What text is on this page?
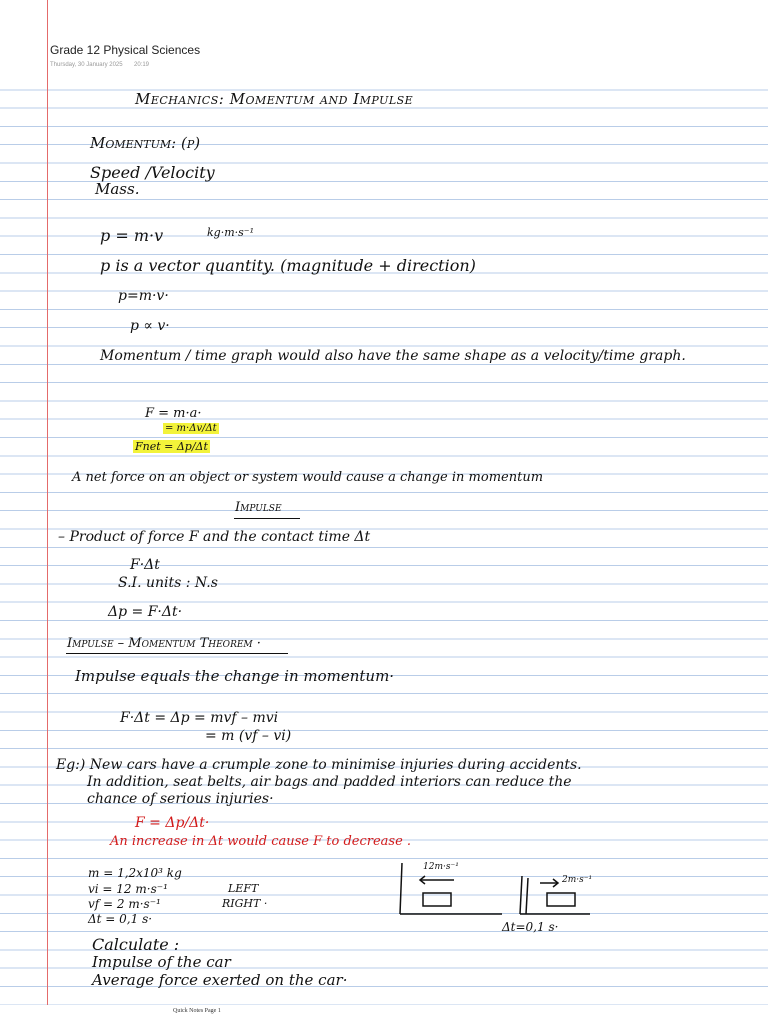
Grade 12 Physical Sciences
Thursday, 30 January 2025 20:19
Mechanics: Momentum and Impulse
Momentum: (p)
Speed /Velocity
Mass.
p = m·v	kg·m·s⁻¹
p is a vector quantity. (magnitude + direction)
p=m·v·
p ∝ v·
Momentum / time graph would also have the same shape as a velocity/time graph.
F = m·a·
= m·Δv/Δt
Fnet = Δp/Δt
A net force on an object or system would cause a change in momentum
Impulse
– Product of force F and the contact time Δt
F·Δt
S.I. units : N.s
Δp = F·Δt·
Impulse – Momentum Theorem ·
Impulse equals the change in momentum·
F·Δt = Δp = mvf – mvi
= m (vf – vi)
Eg:) New cars have a crumple zone to minimise injuries during accidents.
In addition, seat belts, air bags and padded interiors can reduce the
chance of serious injuries·
F = Δp/Δt·
An increase in Δt would cause F to decrease .
m = 1,2x10³ kg
vi = 12 m·s⁻¹	LEFT
vf = 2 m·s⁻¹	RIGHT ·
Δt = 0,1 s·
12m·s⁻¹
2m·s⁻¹
Δt=0,1 s·
Calculate :
Impulse of the car
Average force exerted on the car·
Quick Notes Page 1
